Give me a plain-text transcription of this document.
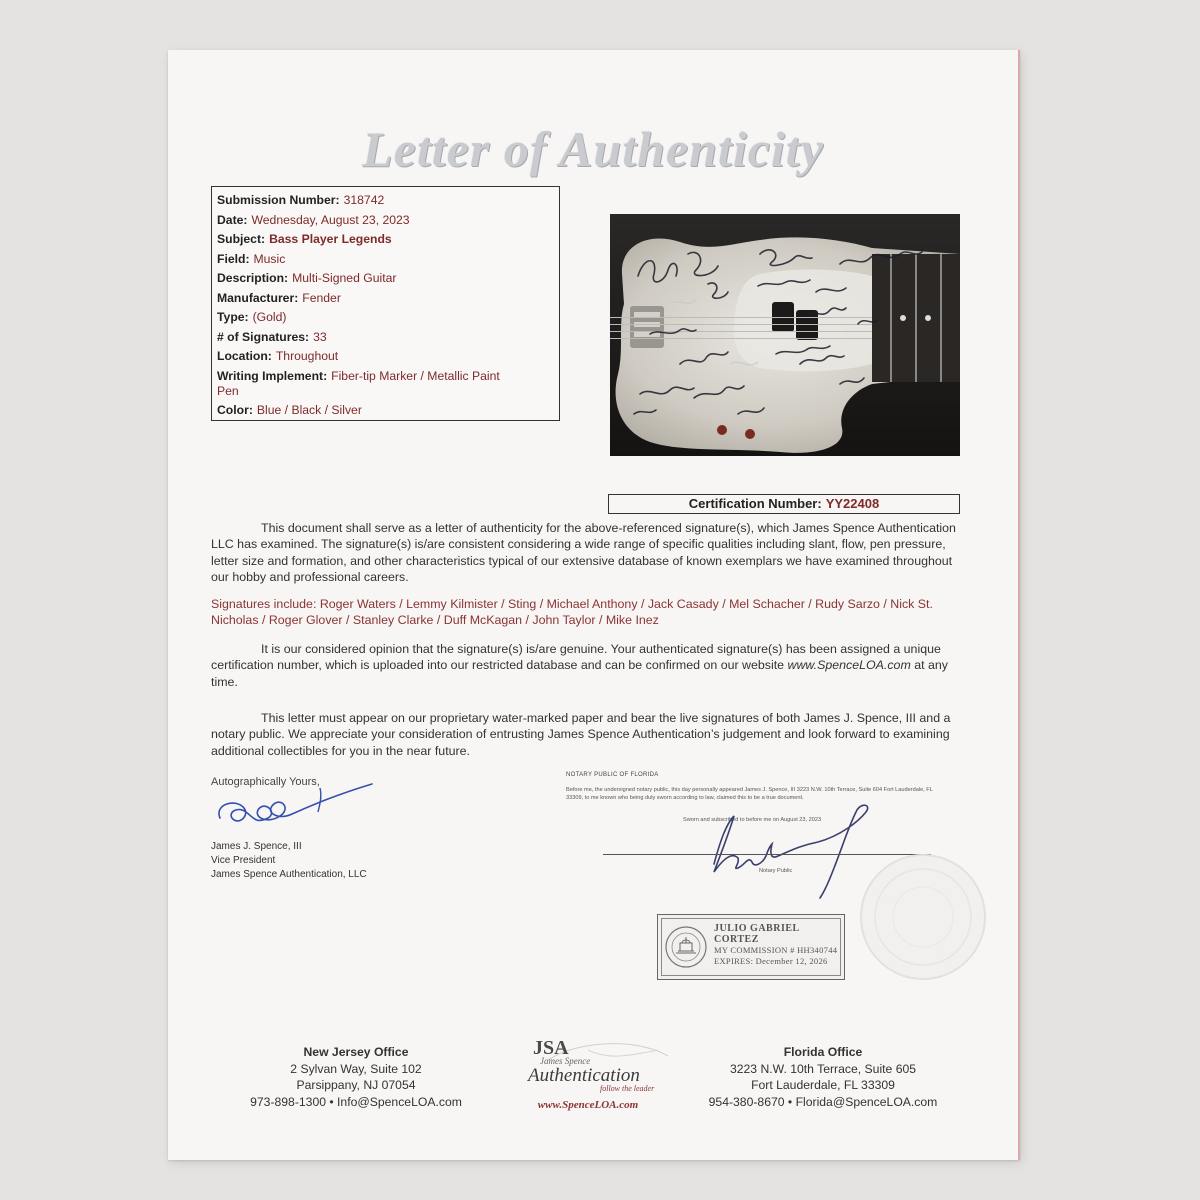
Letter of Authenticity
Submission Number: 318742
Date: Wednesday, August 23, 2023
Subject: Bass Player Legends
Field: Music
Description: Multi-Signed Guitar
Manufacturer: Fender
Type: (Gold)
# of Signatures: 33
Location: Throughout
Writing Implement: Fiber-tip Marker / Metallic Paint Pen
Color: Blue / Black / Silver
Certification Number: YY22408
This document shall serve as a letter of authenticity for the above-referenced signature(s), which James Spence Authentication LLC has examined. The signature(s) is/are consistent considering a wide range of specific qualities including slant, flow, pen pressure, letter size and formation, and other characteristics typical of our extensive database of known exemplars we have examined throughout our hobby and professional careers.
Signatures include: Roger Waters / Lemmy Kilmister / Sting / Michael Anthony / Jack Casady / Mel Schacher / Rudy Sarzo / Nick St. Nicholas / Roger Glover / Stanley Clarke / Duff McKagan / John Taylor / Mike Inez
It is our considered opinion that the signature(s) is/are genuine. Your authenticated signature(s) has been assigned a unique certification number, which is uploaded into our restricted database and can be confirmed on our website www.SpenceLOA.com at any time.
This letter must appear on our proprietary water-marked paper and bear the live signatures of both James J. Spence, III and a notary public. We appreciate your consideration of entrusting James Spence Authentication’s judgement and look forward to examining additional collectibles for you in the near future.
Autographically Yours,
James J. Spence, III
Vice President
James Spence Authentication, LLC
NOTARY PUBLIC OF FLORIDA
Before me, the undersigned notary public, this day personally appeared James J. Spence, III 3223 N.W. 10th Terrace, Suite 604 Fort Lauderdale, FL 33309, to me known who being duly sworn according to law, claimed this to be a true document.
Sworn and subscribed to before me on August 23, 2023
Notary Public
JULIO GABRIEL CORTEZ
MY COMMISSION # HH340744
EXPIRES: December 12, 2026
New Jersey Office
2 Sylvan Way, Suite 102
Parsippany, NJ 07054
973-898-1300 • Info@SpenceLOA.com
JSA
James Spence
Authentication
follow the leader
www.SpenceLOA.com
Florida Office
3223 N.W. 10th Terrace, Suite 605
Fort Lauderdale, FL 33309
954-380-8670 • Florida@SpenceLOA.com
